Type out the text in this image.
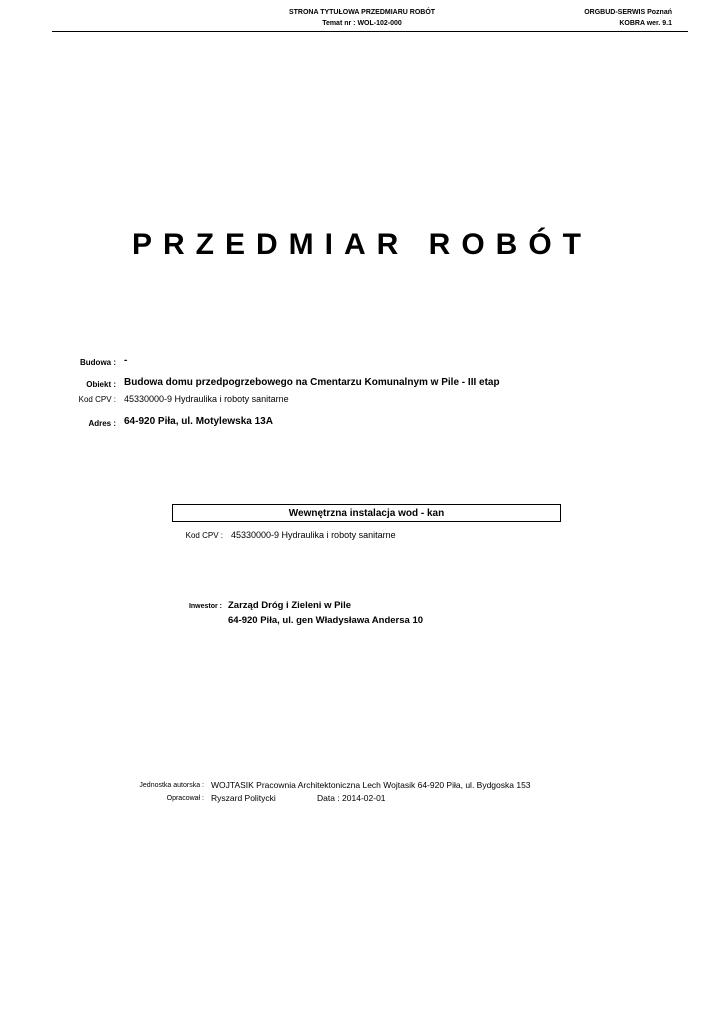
STRONA TYTUŁOWA PRZEDMIARU ROBÓT
Temat nr : WOL-102-000
ORGBUD-SERWIS Poznań
KOBRA wer. 9.1
PRZEDMIAR ROBÓT
Budowa : -
Obiekt : Budowa domu przedpogrzebowego na Cmentarzu Komunalnym w Pile - III etap
Kod CPV : 45330000-9 Hydraulika i roboty sanitarne
Adres : 64-920 Piła, ul. Motylewska 13A
Wewnętrzna instalacja wod - kan
Kod CPV : 45330000-9 Hydraulika i roboty sanitarne
Inwestor : Zarząd Dróg i Zieleni w Pile
64-920 Piła, ul. gen Władysława Andersa 10
Jednostka autorska : WOJTASIK Pracownia Architektoniczna Lech Wojtasik 64-920 Piła, ul. Bydgoska 153
Opracował : Ryszard Politycki	Data : 2014-02-01
